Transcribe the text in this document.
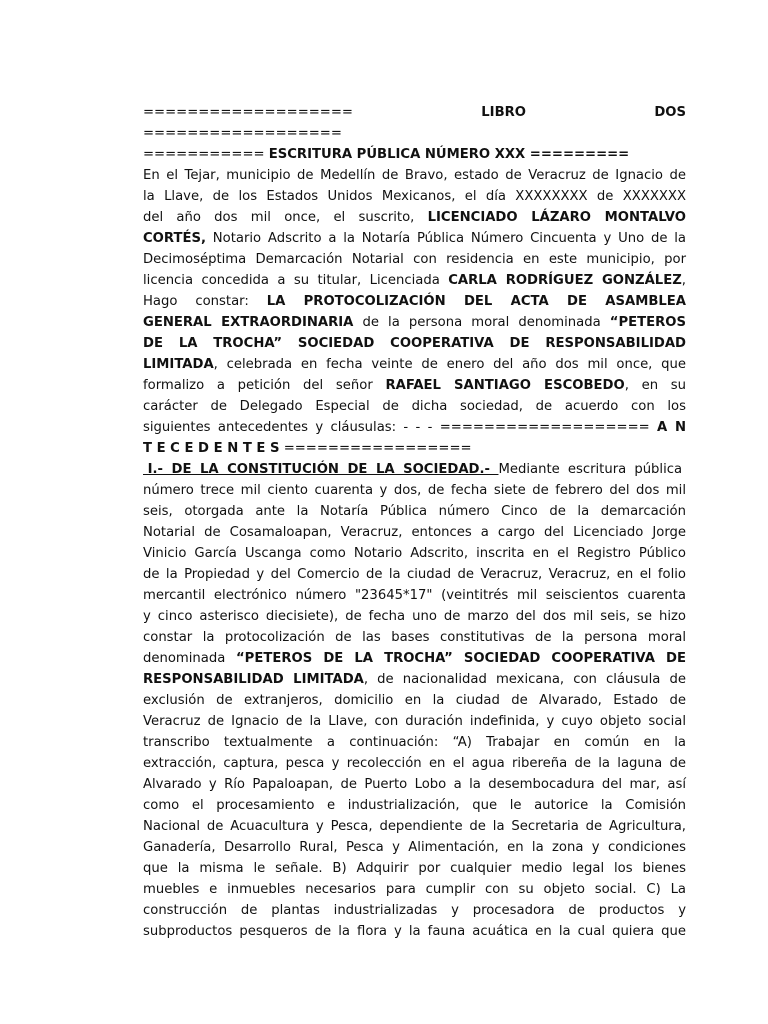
===================	LIBRO	DOS
==================
=========== ESCRITURA PÚBLICA NÚMERO XXX =========
En el Tejar, municipio de Medellín de Bravo, estado de Veracruz de Ignacio de
la Llave, de los Estados Unidos Mexicanos, el día XXXXXXXX de XXXXXXX
del año dos mil once, el suscrito, LICENCIADO LÁZARO MONTALVO
CORTÉS, Notario Adscrito a la Notaría Pública Número Cincuenta y Uno de la
Decimoséptima Demarcación Notarial con residencia en este municipio, por
licencia concedida a su titular, Licenciada CARLA RODRÍGUEZ GONZÁLEZ,
Hago constar: LA PROTOCOLIZACIÓN DEL ACTA DE ASAMBLEA
GENERAL EXTRAORDINARIA de la persona moral denominada “PETEROS
DE LA TROCHA” SOCIEDAD COOPERATIVA DE RESPONSABILIDAD
LIMITADA, celebrada en fecha veinte de enero del año dos mil once, que
formalizo a petición del señor RAFAEL SANTIAGO ESCOBEDO, en su
carácter de Delegado Especial de dicha sociedad, de acuerdo con los
siguientes antecedentes y cláusulas: - - - =================== A N
T E C E D E N T E S =================
I.- DE LA CONSTITUCIÓN DE LA SOCIEDAD.- Mediante escritura pública
número trece mil ciento cuarenta y dos, de fecha siete de febrero del dos mil
seis, otorgada ante la Notaría Pública número Cinco de la demarcación
Notarial de Cosamaloapan, Veracruz, entonces a cargo del Licenciado Jorge
Vinicio García Uscanga como Notario Adscrito, inscrita en el Registro Público
de la Propiedad y del Comercio de la ciudad de Veracruz, Veracruz, en el folio
mercantil electrónico número "23645*17" (veintitrés mil seiscientos cuarenta
y cinco asterisco diecisiete), de fecha uno de marzo del dos mil seis, se hizo
constar la protocolización de las bases constitutivas de la persona moral
denominada “PETEROS DE LA TROCHA” SOCIEDAD COOPERATIVA DE
RESPONSABILIDAD LIMITADA, de nacionalidad mexicana, con cláusula de
exclusión de extranjeros, domicilio en la ciudad de Alvarado, Estado de
Veracruz de Ignacio de la Llave, con duración indefinida, y cuyo objeto social
transcribo textualmente a continuación: “A) Trabajar en común en la
extracción, captura, pesca y recolección en el agua ribereña de la laguna de
Alvarado y Río Papaloapan, de Puerto Lobo a la desembocadura del mar, así
como el procesamiento e industrialización, que le autorice la Comisión
Nacional de Acuacultura y Pesca, dependiente de la Secretaria de Agricultura,
Ganadería, Desarrollo Rural, Pesca y Alimentación, en la zona y condiciones
que la misma le señale. B) Adquirir por cualquier medio legal los bienes
muebles e inmuebles necesarios para cumplir con su objeto social. C) La
construcción de plantas industrializadas y procesadora de productos y
subproductos pesqueros de la flora y la fauna acuática en la cual quiera que
